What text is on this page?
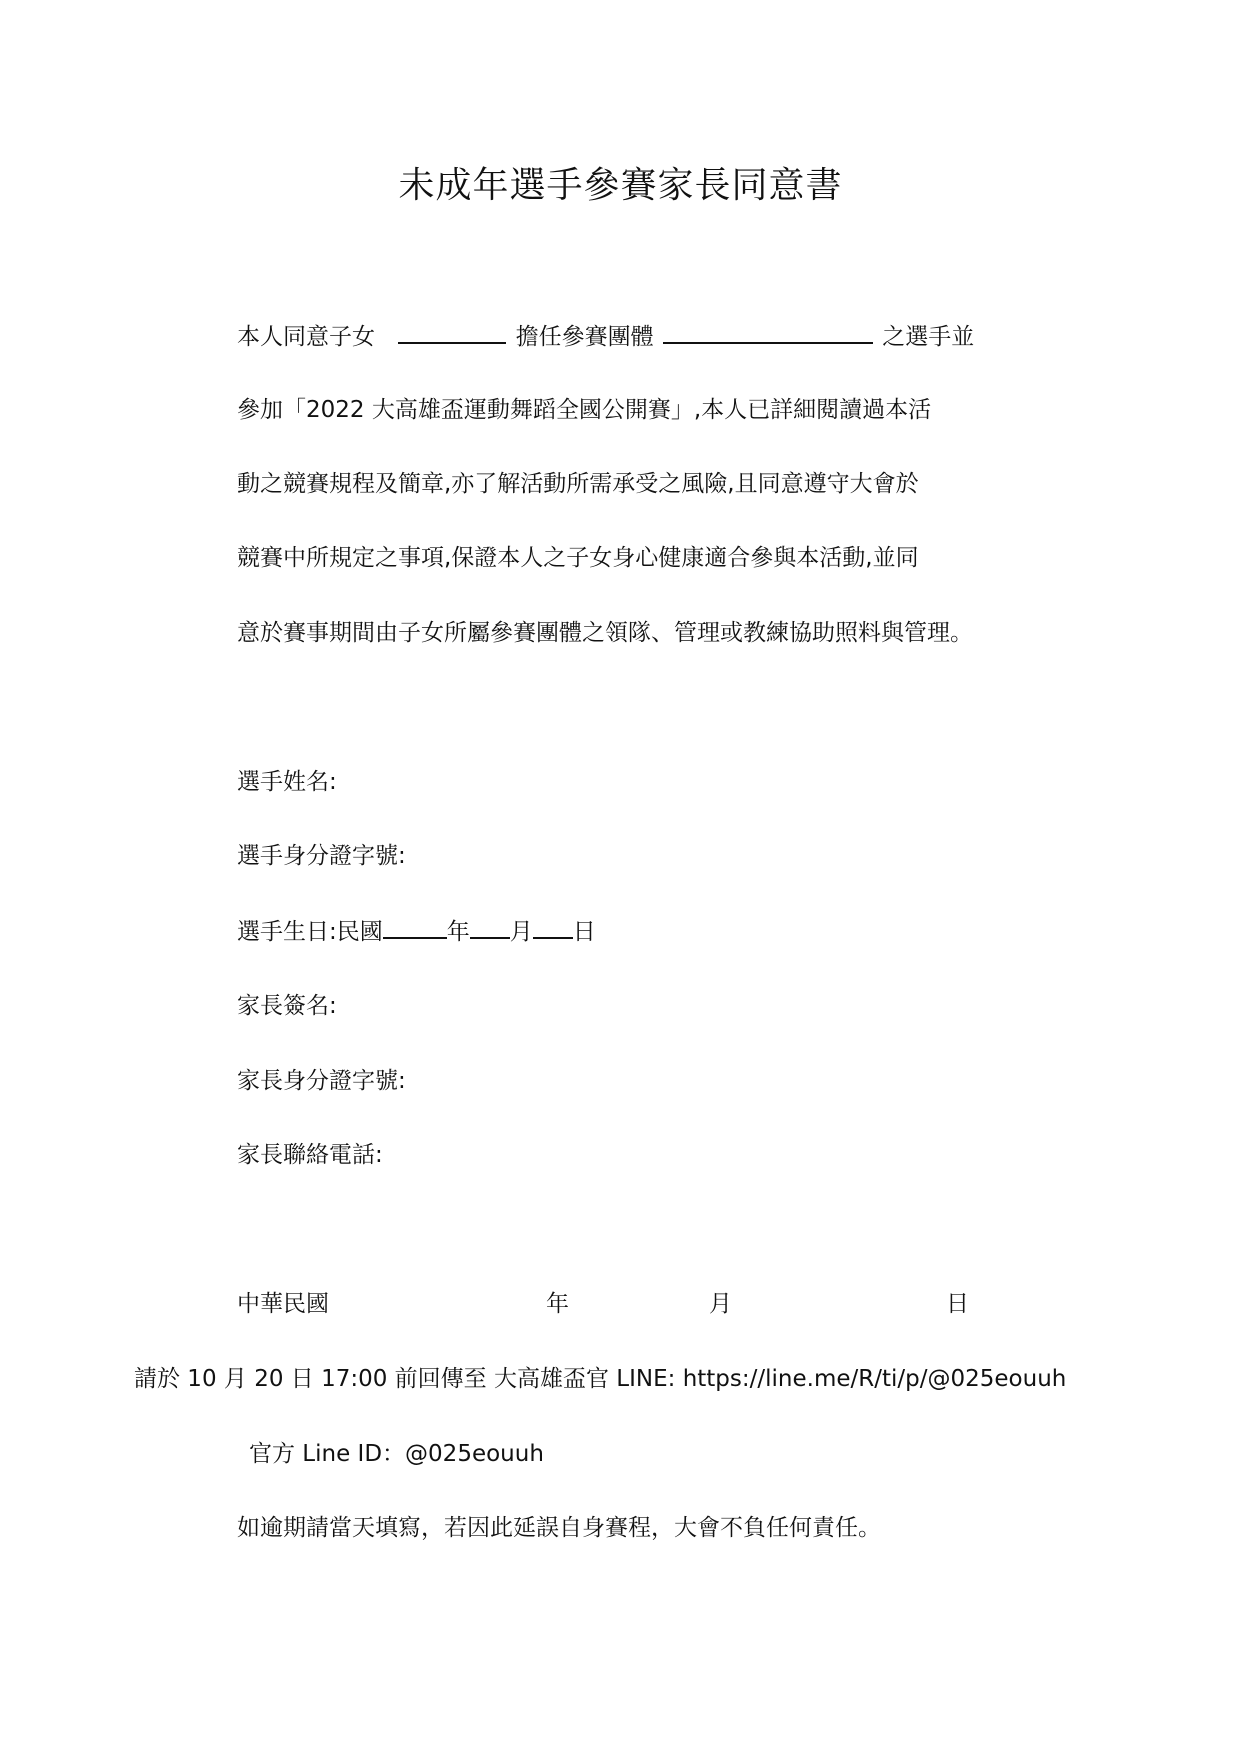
未成年選手參賽家長同意書
本人同意子女	擔任參賽團體	之選手並
參加「2022 大高雄盃運動舞蹈全國公開賽」,本人已詳細閱讀過本活
動之競賽規程及簡章,亦了解活動所需承受之風險,且同意遵守大會於
競賽中所規定之事項,保證本人之子女身心健康適合參與本活動,並同
意於賽事期間由子女所屬參賽團體之領隊、管理或教練協助照料與管理。
選手姓名:
選手身分證字號:
選手生日:民國	年 月 日
家長簽名:
家長身分證字號:
家長聯絡電話:
中華民國	年	月	日
請於 10 月 20 日 17:00 前回傳至 大高雄盃官 LINE: https://line.me/R/ti/p/@025eouuh
官方 Line ID：@025eouuh
如逾期請當天填寫，若因此延誤自身賽程，大會不負任何責任。
